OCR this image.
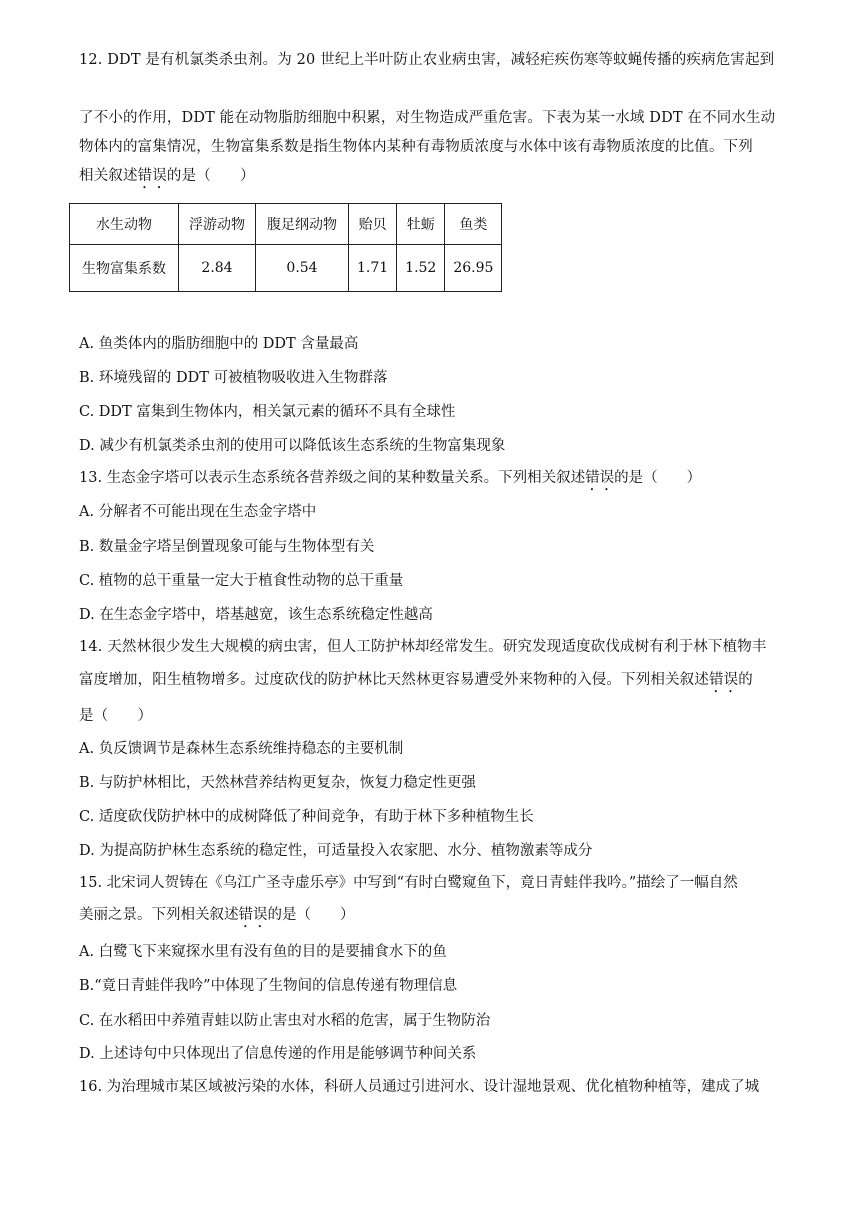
12. DDT 是有机氯类杀虫剂。为 20 世纪上半叶防止农业病虫害，减轻疟疾伤寒等蚊蝇传播的疾病危害起到

了不小的作用，DDT 能在动物脂肪细胞中积累，对生物造成严重危害。下表为某一水域 DDT 在不同水生动

物体内的富集情况，生物富集系数是指生物体内某种有毒物质浓度与水体中该有毒物质浓度的比值。下列

相关叙述错误的是（　　）

水生动物	浮游动物	腹足纲动物	贻贝	牡蛎	鱼类
生物富集系数	2.84	0.54	1.71	1.52	26.95

A. 鱼类体内的脂肪细胞中的 DDT 含量最高

B. 环境残留的 DDT 可被植物吸收进入生物群落

C. DDT 富集到生物体内，相关氯元素的循环不具有全球性

D. 减少有机氯类杀虫剂的使用可以降低该生态系统的生物富集现象

13. 生态金字塔可以表示生态系统各营养级之间的某种数量关系。下列相关叙述错误的是（　　）

A. 分解者不可能出现在生态金字塔中

B. 数量金字塔呈倒置现象可能与生物体型有关

C. 植物的总干重量一定大于植食性动物的总干重量

D. 在生态金字塔中，塔基越宽，该生态系统稳定性越高

14. 天然林很少发生大规模的病虫害，但人工防护林却经常发生。研究发现适度砍伐成树有利于林下植物丰

富度增加，阳生植物增多。过度砍伐的防护林比天然林更容易遭受外来物种的入侵。下列相关叙述错误的

是（　　）

A. 负反馈调节是森林生态系统维持稳态的主要机制

B. 与防护林相比，天然林营养结构更复杂，恢复力稳定性更强

C. 适度砍伐防护林中的成树降低了种间竞争，有助于林下多种植物生长

D. 为提高防护林生态系统的稳定性，可适量投入农家肥、水分、植物激素等成分

15. 北宋词人贺铸在《乌江广圣寺虚乐亭》中写到“有时白鹭窥鱼下，竟日青蛙伴我吟。”描绘了一幅自然

美丽之景。下列相关叙述错误的是（　　）

A. 白鹭飞下来窥探水里有没有鱼的目的是要捕食水下的鱼

B.“竟日青蛙伴我吟”中体现了生物间的信息传递有物理信息

C. 在水稻田中养殖青蛙以防止害虫对水稻的危害，属于生物防治

D. 上述诗句中只体现出了信息传递的作用是能够调节种间关系

16. 为治理城市某区域被污染的水体，科研人员通过引进河水、设计湿地景观、优化植物种植等，建成了城
